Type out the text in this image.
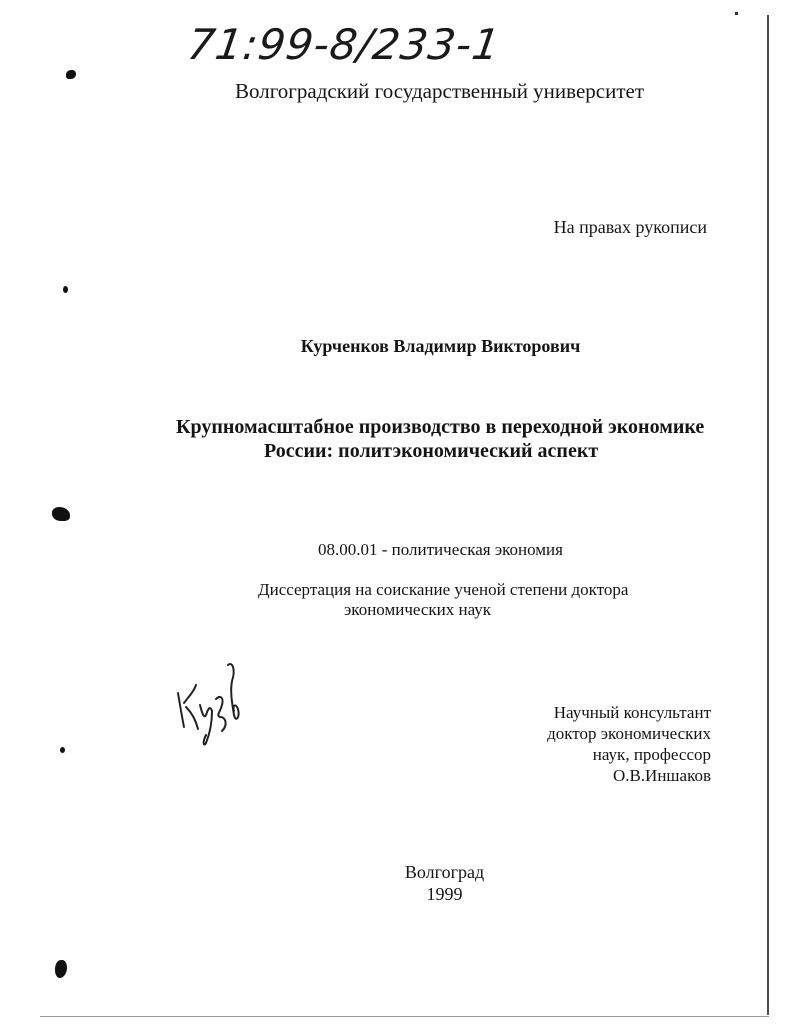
71:99-8/233-1
Волгоградский государственный университет
На правах рукописи
Курченков Владимир Викторович
Крупномасштабное производство в переходной экономике
России: политэкономический аспект
08.00.01 - политическая экономия
Диссертация на соискание ученой степени доктора
экономических наук
Научный консультант
доктор экономических
наук, профессор
О.В.Иншаков
Волгоград
1999
